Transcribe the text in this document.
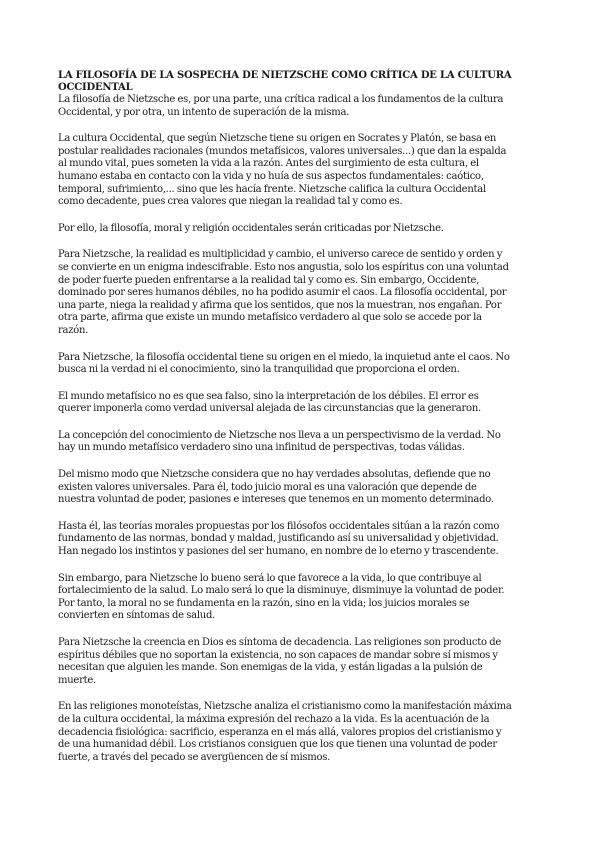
LA FILOSOFÍA DE LA SOSPECHA DE NIETZSCHE COMO CRÍTICA DE LA CULTURA OCCIDENTAL

La filosofía de Nietzsche es, por una parte, una crítica radical a los fundamentos de la cultura Occidental, y por otra, un intento de superación de la misma.

La cultura Occidental, que según Nietzsche tiene su origen en Socrates y Platón, se basa en postular realidades racionales (mundos metafísicos, valores universales...) que dan la espalda al mundo vital, pues someten la vida a la razón. Antes del surgimiento de esta cultura, el humano estaba en contacto con la vida y no huía de sus aspectos fundamentales: caótico, temporal, sufrimiento,... sino que les hacía frente. Nietzsche califica la cultura Occidental como decadente, pues crea valores que niegan la realidad tal y como es.

Por ello, la filosofía, moral y religión occidentales serán criticadas por Nietzsche.

Para Nietzsche, la realidad es multiplicidad y cambio, el universo carece de sentido y orden y se convierte en un enigma indescifrable. Esto nos angustia, solo los espíritus con una voluntad de poder fuerte pueden enfrentarse a la realidad tal y como es. Sin embargo, Occidente, dominado por seres humanos débiles, no ha podido asumir el caos. La filosofía occidental, por una parte, niega la realidad y afirma que los sentidos, que nos la muestran, nos engañan. Por otra parte, afirma que existe un mundo metafísico verdadero al que solo se accede por la razón.

Para Nietzsche, la filosofía occidental tiene su origen en el miedo, la inquietud ante el caos. No busca ni la verdad ni el conocimiento, sino la tranquilidad que proporciona el orden.

El mundo metafísico no es que sea falso, sino la interpretación de los débiles. El error es querer imponerla como verdad universal alejada de las circunstancias que la generaron.

La concepción del conocimiento de Nietzsche nos lleva a un perspectivismo de la verdad. No hay un mundo metafísico verdadero sino una infinitud de perspectivas, todas válidas.

Del mismo modo que Nietzsche considera que no hay verdades absolutas, defiende que no existen valores universales. Para él, todo juicio moral es una valoración que depende de nuestra voluntad de poder, pasiones e intereses que tenemos en un momento determinado.

Hasta él, las teorías morales propuestas por los filósofos occidentales sitúan a la razón como fundamento de las normas, bondad y maldad, justificando así su universalidad y objetividad. Han negado los instintos y pasiones del ser humano, en nombre de lo eterno y trascendente.

Sin embargo, para Nietzsche lo bueno será lo que favorece a la vida, lo que contribuye al fortalecimiento de la salud. Lo malo será lo que la disminuye, disminuye la voluntad de poder. Por tanto, la moral no se fundamenta en la razón, sino en la vida; los juicios morales se convierten en síntomas de salud.

Para Nietzsche la creencia en Dios es síntoma de decadencia. Las religiones son producto de espíritus débiles que no soportan la existencia, no son capaces de mandar sobre sí mismos y necesitan que alguien les mande. Son enemigas de la vida, y están ligadas a la pulsión de muerte.

En las religiones monoteístas, Nietzsche analiza el cristianismo como la manifestación máxima de la cultura occidental, la máxima expresión del rechazo a la vida. Es la acentuación de la decadencia fisiológica: sacrificio, esperanza en el más allá, valores propios del cristianismo y de una humanidad débil. Los cristianos consiguen que los que tienen una voluntad de poder fuerte, a través del pecado se avergüencen de sí mismos.
